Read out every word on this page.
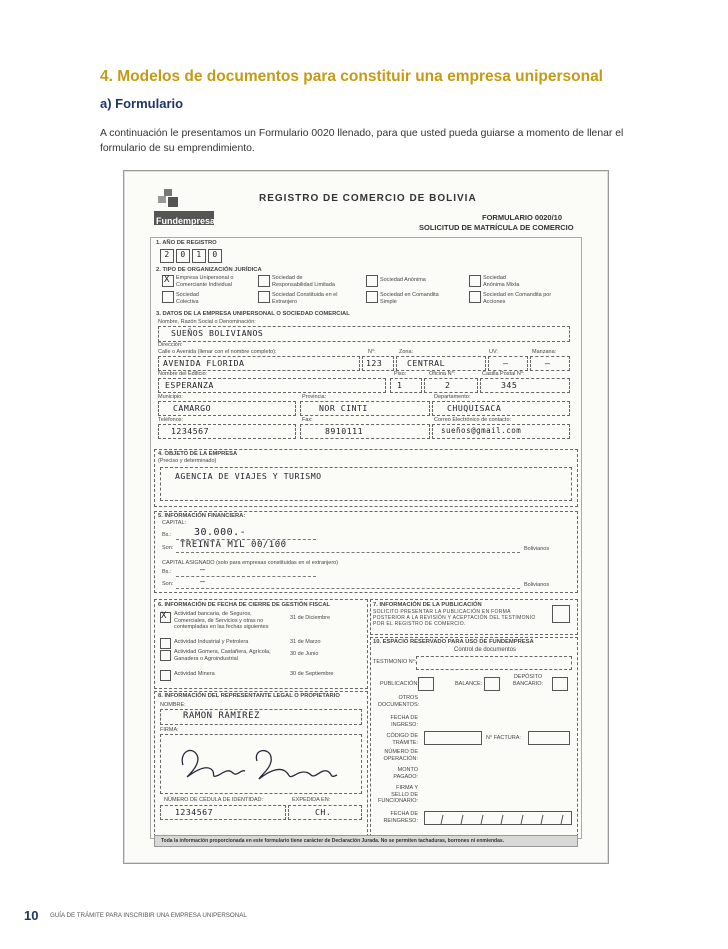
4. Modelos de documentos para constituir una empresa unipersonal
a) Formulario
A continuación le presentamos un Formulario 0020 llenado, para que usted pueda guiarse a momento de llenar el formulario de su emprendimiento.
Fundempresa
REGISTRO DE COMERCIO DE BOLIVIA
FORMULARIO 0020/10
SOLICITUD DE MATRÍCULA DE COMERCIO
1. AÑO DE REGISTRO
2	0	1	0
2. TIPO DE ORGANIZACIÓN JURÍDICA
X Empresa Unipersonal o Comerciante Individual
Sociedad de Responsabilidad Limitada
Sociedad Anónima	Sociedad Anónima Mixta
Sociedad Colectiva
Sociedad Constituida en el Extranjero
Sociedad en Comandita Simple
Sociedad en Comandita por Acciones
3. DATOS DE LA EMPRESA UNIPERSONAL O SOCIEDAD COMERCIAL
Nombre, Razón Social o Denominación:
SUEÑOS BOLIVIANOS
Dirección:
Calle o Avenida (llenar con el nombre completo):	N°:	Zona:	UV:	Manzana:
AVENIDA FLORIDA	123	CENTRAL	—	—
Nombre del Edificio:	Piso:	Oficina N°:	Casilla Postal N°:
ESPERANZA	1	2	345
Municipio:	Provincia:	Departamento:
CAMARGO	NOR CINTI	CHUQUISACA
Teléfonos:	Fax:	Correo Electrónico de contacto:
1234567	8910111	sueños@gmail.com
4. OBJETO DE LA EMPRESA
(Preciso y determinado)
AGENCIA DE VIAJES Y TURISMO
5. INFORMACIÓN FINANCIERA:
CAPITAL:
Bs.: 30.000.-
Son: TREINTA MIL 00/100	Bolivianos
CAPITAL ASIGNADO (solo para empresas constituidas en el extranjero)
Bs.:	—
Son:	—	Bolivianos
6. INFORMACIÓN DE FECHA DE CIERRE DE GESTIÓN FISCAL
X Actividad bancaria, de Seguros, Comerciales, de Servicios y otras no contempladas en las fechas siguientes
31 de Diciembre
Actividad Industrial y Petrolera	31 de Marzo
Actividad Gomera, Castañera, Agrícola, Ganadera o Agroindustrial
30 de Junio
Actividad Minera	30 de Septiembre
7. INFORMACIÓN DE LA PUBLICACIÓN
SOLICITO PRESENTAR LA PUBLICACIÓN EN FORMA POSTERIOR A LA REVISIÓN Y ACEPTACIÓN DEL TESTIMONIO POR EL REGISTRO DE COMERCIO.
10. ESPACIO RESERVADO PARA USO DE FUNDEMPRESA
Control de documentos
TESTIMONIO N°:
PUBLICACIÓN:	BALANCE:
DEPÓSITO BANCARIO:
OTROS DOCUMENTOS:
FECHA DE INGRESO:
CÓDIGO DE TRÁMITE:
N° FACTURA:
NÚMERO DE OPERACIÓN:
MONTO PAGADO:
FIRMA Y SELLO DE FUNCIONARIO:
FECHA DE REINGRESO:
8. INFORMACIÓN DEL REPRESENTANTE LEGAL O PROPIETARIO
NOMBRE:
RAMON RAMIREZ
FIRMA:
NÚMERO DE CÉDULA DE IDENTIDAD:	EXPEDIDA EN:
1234567	CH.
Toda la información proporcionada en este formulario tiene carácter de Declaración Jurada. No se permiten tachaduras, borrones ni enmiendas.
10 GUÍA DE TRÁMITE PARA INSCRIBIR UNA EMPRESA UNIPERSONAL
